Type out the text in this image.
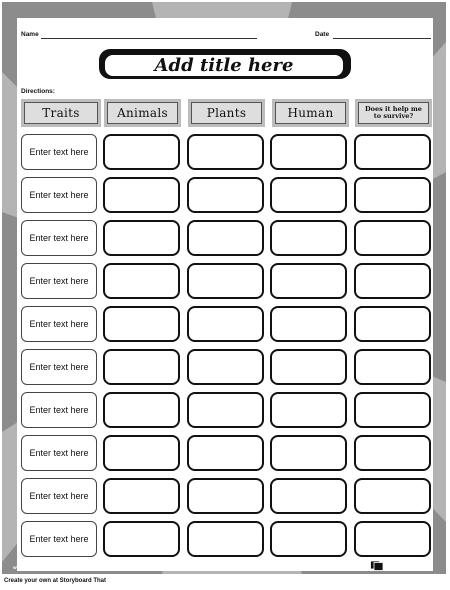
Name	Date
Add title here
Directions:
Traits	Animals	Plants	Human	Does it help me to survive?
Enter text here
Enter text here
Enter text here
Enter text here
Enter text here
Enter text here
Enter text here
Enter text here
Enter text here
Enter text here
www.storyboardthat.com	Storyboard
Create your own at Storyboard That
